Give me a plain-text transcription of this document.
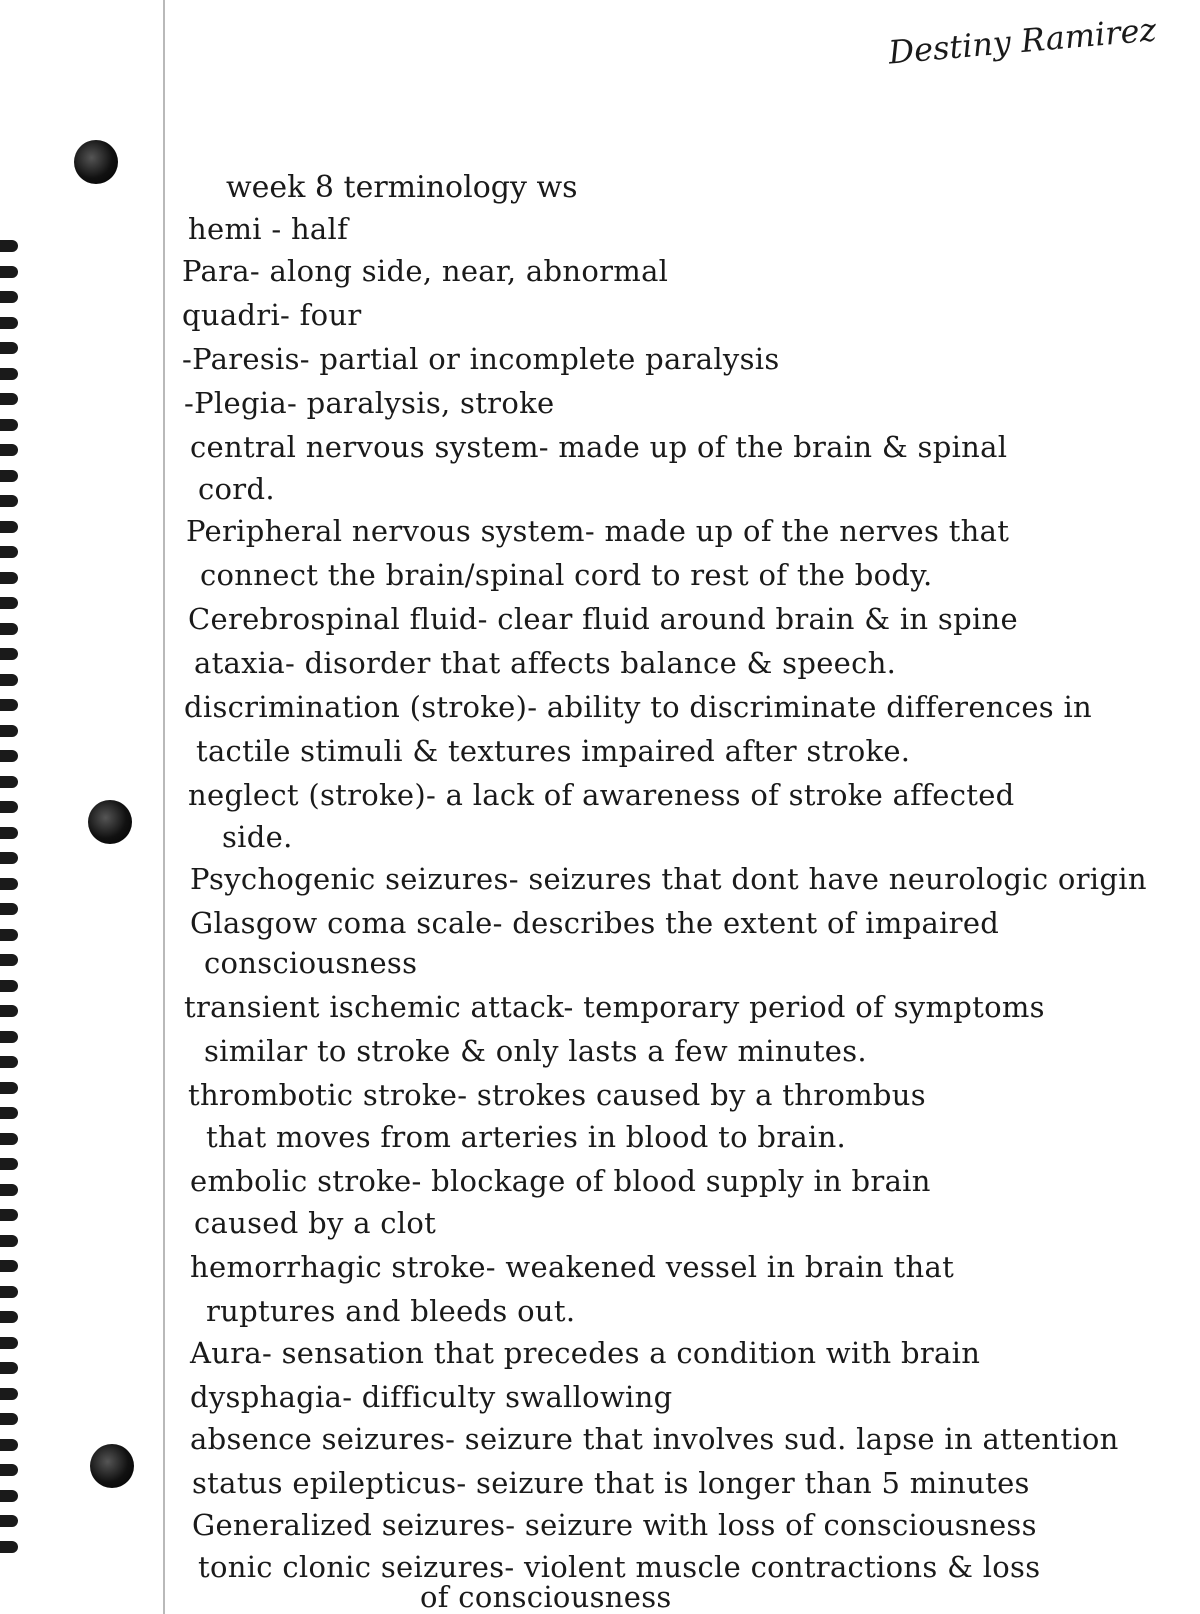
Destiny Ramirez
week 8 terminology ws
hemi - half
Para- along side, near, abnormal
quadri- four
-Paresis- partial or incomplete paralysis
-Plegia- paralysis, stroke
central nervous system- made up of the brain & spinal
cord.
Peripheral nervous system- made up of the nerves that
connect the brain/spinal cord to rest of the body.
Cerebrospinal fluid- clear fluid around brain & in spine
ataxia- disorder that affects balance & speech.
discrimination (stroke)- ability to discriminate differences in
tactile stimuli & textures impaired after stroke.
neglect (stroke)- a lack of awareness of stroke affected
side.
Psychogenic seizures- seizures that dont have neurologic origin
Glasgow coma scale- describes the extent of impaired
consciousness
transient ischemic attack- temporary period of symptoms
similar to stroke & only lasts a few minutes.
thrombotic stroke- strokes caused by a thrombus
that moves from arteries in blood to brain.
embolic stroke- blockage of blood supply in brain
caused by a clot
hemorrhagic stroke- weakened vessel in brain that
ruptures and bleeds out.
Aura- sensation that precedes a condition with brain
dysphagia- difficulty swallowing
absence seizures- seizure that involves sud. lapse in attention
status epilepticus- seizure that is longer than 5 minutes
Generalized seizures- seizure with loss of consciousness
tonic clonic seizures- violent muscle contractions & loss
of consciousness
